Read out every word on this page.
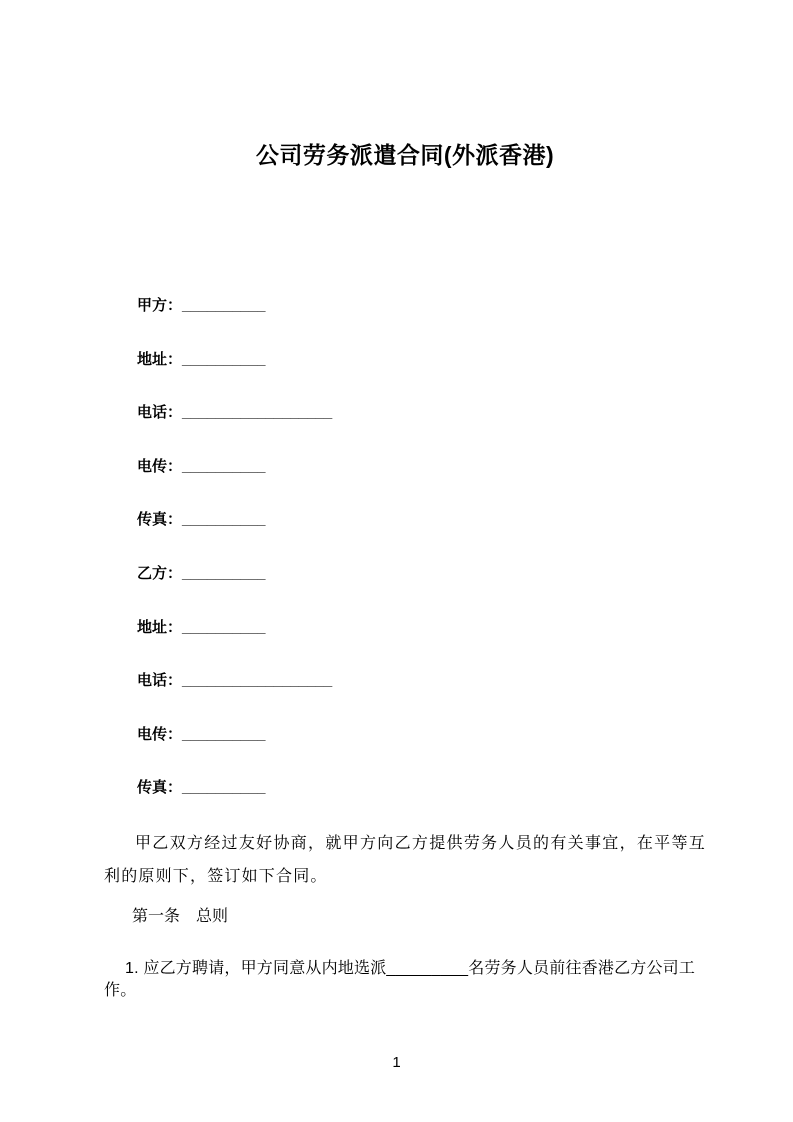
公司劳务派遣合同(外派香港)
甲方：__________
地址：__________
电话：__________________
电传：__________
传真：__________
乙方：__________
地址：__________
电话：__________________
电传：__________
传真：__________

甲乙双方经过友好协商，就甲方向乙方提供劳务人员的有关事宜，在平等互利的原则下，签订如下合同。

第一条　总则

1. 应乙方聘请，甲方同意从内地选派_________名劳务人员前往香港乙方公司工作。

1
